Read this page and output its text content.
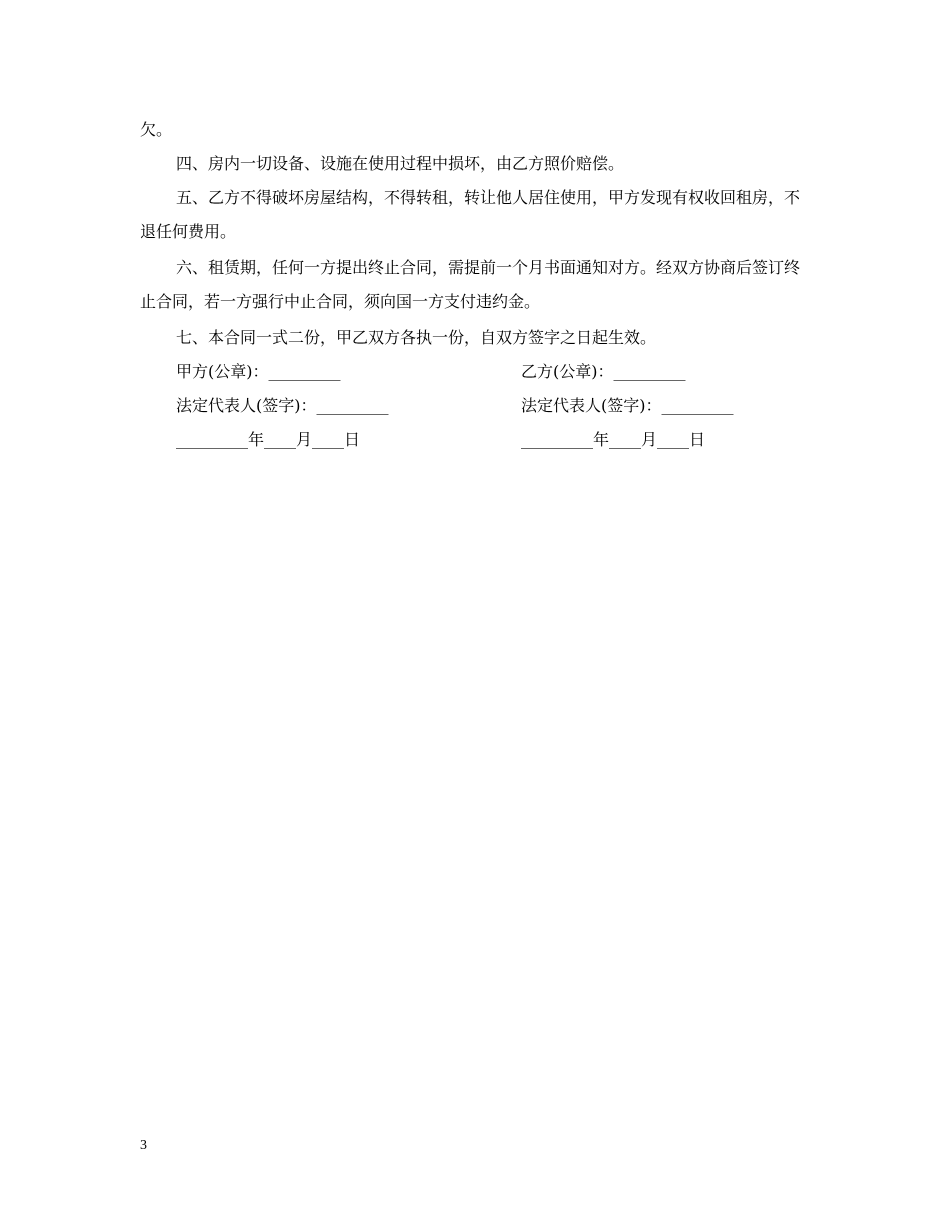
欠。

四、房内一切设备、设施在使用过程中损坏，由乙方照价赔偿。

五、乙方不得破坏房屋结构，不得转租，转让他人居住使用，甲方发现有权收回租房，不退任何费用。

六、租赁期，任何一方提出终止合同，需提前一个月书面通知对方。经双方协商后签订终止合同，若一方强行中止合同，须向国一方支付违约金。

七、本合同一式二份，甲乙双方各执一份，自双方签字之日起生效。

甲方(公章)：_________	乙方(公章)：_________
法定代表人(签字)：_________	法定代表人(签字)：_________
_________年____月____日	_________年____月____日
3
